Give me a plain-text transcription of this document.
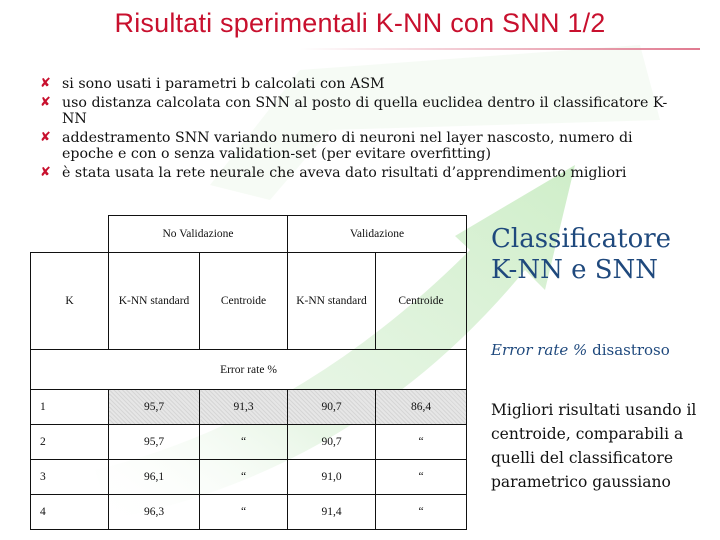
Risultati sperimentali K-NN con SNN 1/2
✘ si sono usati i parametri b calcolati con ASM
✘ uso distanza calcolata con SNN al posto di quella euclidea dentro il classificatore K-NN
✘ addestramento SNN variando numero di neuroni nel layer nascosto, numero di epoche e con o senza validation-set (per evitare overfitting)
✘ è stata usata la rete neurale che aveva dato risultati d’apprendimento migliori
	No Validazione		Validazione	
K	K-NN standard	Centroide	K-NN standard	Centroide
Error rate %				
1	95,7	91,3	90,7	86,4
2	95,7	“	90,7	“
3	96,1	“	91,0	“
4	96,3	“	91,4	“
Classificatore K-NN e SNN
Error rate % disastroso
Migliori risultati usando il centroide, comparabili a quelli del classificatore parametrico gaussiano
